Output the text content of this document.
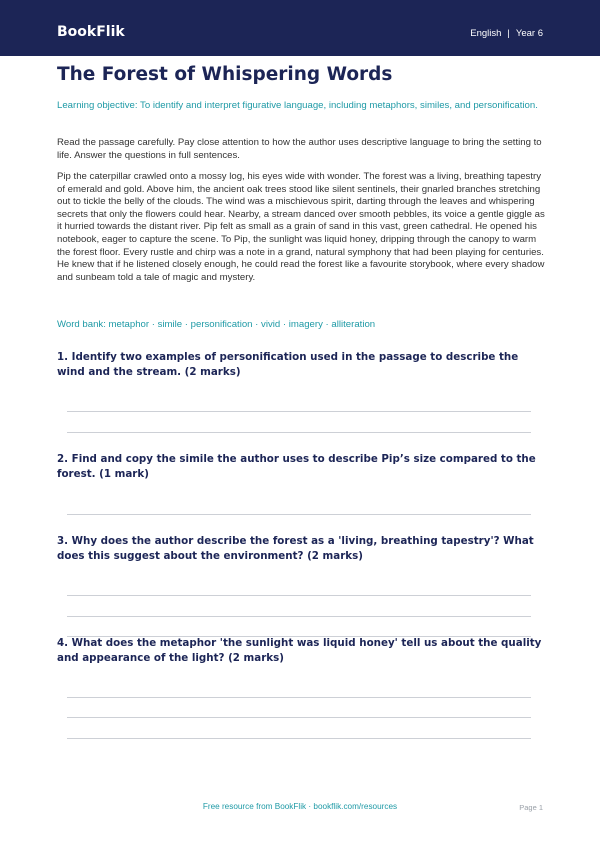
BookFlik	English | Year 6
The Forest of Whispering Words

Learning objective: To identify and interpret figurative language, including metaphors, similes, and personification.

Read the passage carefully. Pay close attention to how the author uses descriptive language to bring the setting to life. Answer the questions in full sentences.

Pip the caterpillar crawled onto a mossy log, his eyes wide with wonder. The forest was a living, breathing tapestry of emerald and gold. Above him, the ancient oak trees stood like silent sentinels, their gnarled branches stretching out to tickle the belly of the clouds. The wind was a mischievous spirit, darting through the leaves and whispering secrets that only the flowers could hear. Nearby, a stream danced over smooth pebbles, its voice a gentle giggle as it hurried towards the distant river. Pip felt as small as a grain of sand in this vast, green cathedral. He opened his notebook, eager to capture the scene. To Pip, the sunlight was liquid honey, dripping through the canopy to warm the forest floor. Every rustle and chirp was a note in a grand, natural symphony that had been playing for centuries. He knew that if he listened closely enough, he could read the forest like a favourite storybook, where every shadow and sunbeam told a tale of magic and mystery.

Word bank: metaphor · simile · personification · vivid · imagery · alliteration

1. Identify two examples of personification used in the passage to describe the wind and the stream. (2 marks)

2. Find and copy the simile the author uses to describe Pip’s size compared to the forest. (1 mark)

3. Why does the author describe the forest as a 'living, breathing tapestry'? What does this suggest about the environment? (2 marks)

4. What does the metaphor 'the sunlight was liquid honey' tell us about the quality and appearance of the light? (2 marks)

Free resource from BookFlik · bookflik.com/resources	Page 1
